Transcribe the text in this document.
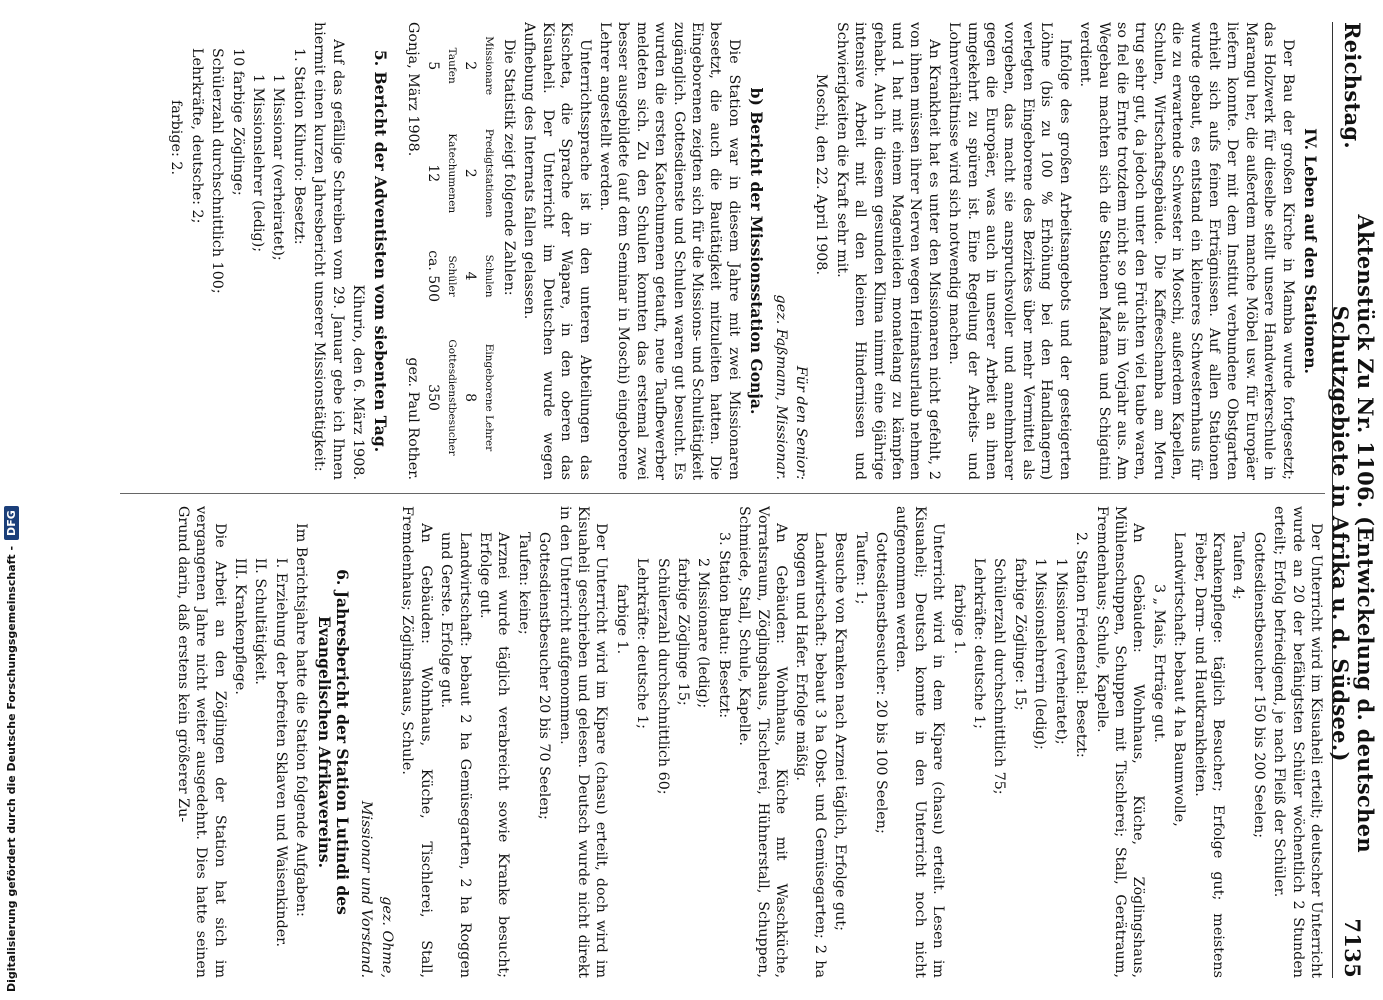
Reichstag.
Aktenstück Zu Nr. 1106. (Entwickelung d. deutschen Schutzgebiete in Afrika u. d. Südsee.)
7135

IV. Leben auf den Stationen.

Der Bau der großen Kirche in Mamba wurde fortgesetzt; das Holzwerk für dieselbe stellt unsere Handwerkerschule in Marangu her, die außerdem manche Möbel usw. für Europäer liefern konnte. Der mit dem Institut verbundene Obstgarten erhielt sich aufs feinen Erträgnissen. Auf allen Stationen wurde gebaut, es entstand ein kleineres Schwesternhaus für die zu erwartende Schwester in Moschi, außerdem Kapellen, Schulen, Wirtschaftsgebäude. Die Kaffeeschamba am Meru trug sehr gut, da jedoch unter den Früchten viel taube waren, so fiel die Ernte trotzdem nicht so gut als im Vorjahr aus. Am Wegebau machten sich die Stationen Mafama und Schigatini verdient.

Infolge des großen Arbeitsangebots und der gesteigerten Löhne (bis zu 100 % Erhöhung bei den Handlangern) verlegten Eingeborene des Bezirkes über mehr Vermittel als vorgeben, das macht sie anspruchsvoller und annehmbarer gegen die Europäer, was auch in unserer Arbeit an ihnen umgekehrt zu spüren ist. Eine Regelung der Arbeits- und Lohnverhältnisse wird sich notwendig machen.

An Krankheit hat es unter den Missionaren nicht gefehlt, 2 von ihnen müssen ihrer Nerven wegen Heimatsurlaub nehmen und 1 hat mit einem Magenleiden monatelang zu kämpfen gehabt. Auch in diesem gesunden Klima nimmt eine 6jährige intensive Arbeit mit all den kleinen Hindernissen und Schwierigkeiten die Kraft sehr mit.

Moschi, den 22. April 1908.

Für den Senior:

gez. Faßmann, Missionar.

b) Bericht der Missionsstation Gonja.

Die Station war in diesem Jahre mit zwei Missionaren besetzt, die auch die Bautätigkeit mitzuleiten hatten. Die Eingeborenen zeigten sich für die Missions- und Schultätigkeit zugänglich. Gottesdienste und Schulen waren gut besucht. Es wurden die ersten Katechumenen getauft, neue Taufbewerber meldeten sich. Zu den Schulen konnten das erstemal zwei besser ausgebildete (auf dem Seminar in Moschi) eingeborene Lehrer angestellt werden.

Unterrichtssprache ist in den unteren Abteilungen das Kischeta, die Sprache der Wapare, in den oberen das Kisuaheli. Der Unterricht im Deutschen wurde wegen Aufhebung des Internats fallen gelassen.

Die Statistik zeigt folgende Zahlen:

Missionare	Predigtstationen	Schulen	Eingeborene Lehrer
2	2	4	8
Taufen	Katechumenen	Schüler	Gottesdienstbesucher
5	12	ca. 500	350

Gonja, März 1908.
gez. Paul Rother.

5. Bericht der Adventisten vom siebenten Tag.

Kihurio, den 6. März 1908.

Auf das gefällige Schreiben vom 29. Januar gebe ich Ihnen hiermit einen kurzen Jahresbericht unserer Missionstätigkeit:

1. Station Kihurio: Besetzt:

1 Missionar (verheiratet);

1 Missionslehrer (ledig);

10 farbige Zöglinge;

Schülerzahl durchschnittlich 100;

Lehrkräfte, deutsche: 2;

farbige: 2.

Der Unterricht wird im Kisuaheli erteilt; deutscher Unterricht wurde an 20 der befähigtsten Schüler wöchentlich 2 Stunden erteilt; Erfolg befriedigend, je nach Fleiß der Schüler.

Gottesdienstbesucher 150 bis 200 Seelen;

Taufen 4;

Krankenpflege: täglich Besucher; Erfolge gut; meistens Fieber, Darm- und Hautkrankheiten.

Landwirtschaft: bebaut 4 ha Baumwolle,

3 „ Mais, Erträge gut.

An Gebäuden: Wohnhaus, Küche, Zöglingshaus, Mühlenschuppen, Schuppen mit Tischlerei; Stall, Gerätraum, Fremdenhaus; Schule, Kapelle.

2. Station Friedenstal: Besetzt:

1 Missionar (verheiratet);

1 Missionslehrerin (ledig);

farbige Zöglinge: 15;

Schülerzahl durchschnittlich 75;

Lehrkräfte: deutsche 1;

farbige 1.

Unterricht wird in dem Kipare (chasu) erteilt. Lesen im Kisuaheli; Deutsch konnte in den Unterricht noch nicht aufgenommen werden.

Gottesdienstbesucher: 20 bis 100 Seelen;

Taufen: 1;

Besuche von Kranken nach Arznei täglich, Erfolge gut;

Landwirtschaft: bebaut 3 ha Obst- und Gemüsegarten; 2 ha Roggen und Hafer. Erfolge mäßig.

An Gebäuden: Wohnhaus, Küche mit Waschküche, Vorratsraum, Zöglingshaus, Tischlerei, Hühnerstall, Schuppen, Schmiede, Stall, Schule, Kapelle.

3. Station Buatu: Besetzt:

2 Missionare (ledig);

farbige Zöglinge 15;

Schülerzahl durchschnittlich 60;

Lehrkräfte: deutsche 1;

farbige 1.

Der Unterricht wird im Kipare (chasu) erteilt, doch wird im Kisuaheli geschrieben und gelesen. Deutsch wurde nicht direkt in den Unterricht aufgenommen.

Gottesdienstbesucher 20 bis 70 Seelen;

Taufen: keine;

Arznei wurde täglich verabreicht sowie Kranke besucht; Erfolge gut.

Landwirtschaft: bebaut 2 ha Gemüsegarten, 2 ha Roggen und Gerste. Erfolge gut.

An Gebäuden: Wohnhaus, Küche, Tischlerei, Stall, Fremdenhaus; Zöglingshaus, Schule.

gez. Ohme,

Missionar und Vorstand.

6. Jahresbericht der Station Lutindi des Evangelischen Afrikavereins.

Im Berichtsjahre hatte die Station folgende Aufgaben:

I. Erziehung der befreiten Sklaven und Waisenkinder.

II. Schultätigkeit.

III. Krankenpflege.

Die Arbeit an den Zöglingen der Station hat sich im vergangenen Jahre nicht weiter ausgedehnt. Dies hatte seinen Grund darin, daß erstens kein größerer Zu-

Digitalisierung gefördert durch die Deutsche Forschungsgemeinschaft -
DFG
